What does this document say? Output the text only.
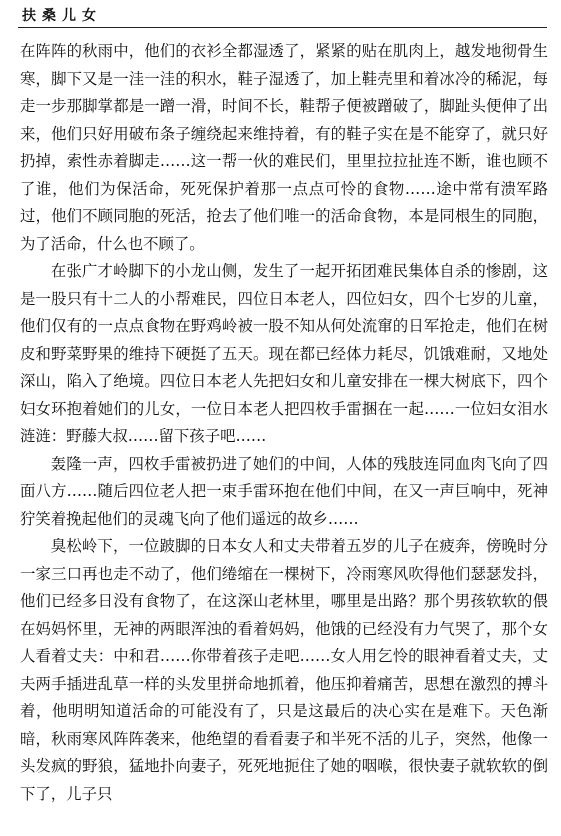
扶桑儿女

在阵阵的秋雨中，他们的衣衫全都湿透了，紧紧的贴在肌肉上，越发地彻骨生寒，脚下又是一洼一洼的积水，鞋子湿透了，加上鞋壳里和着冰冷的稀泥，每走一步那脚掌都是一蹭一滑，时间不长，鞋帮子便被蹭破了，脚趾头便伸了出来，他们只好用破布条子缠绕起来维持着，有的鞋子实在是不能穿了，就只好扔掉，索性赤着脚走……这一帮一伙的难民们，里里拉拉扯连不断，谁也顾不了谁，他们为保活命，死死保护着那一点点可怜的食物……途中常有溃军路过，他们不顾同胞的死活，抢去了他们唯一的活命食物，本是同根生的同胞，为了活命，什么也不顾了。

在张广才岭脚下的小龙山侧，发生了一起开拓团难民集体自杀的惨剧，这是一股只有十二人的小帮难民，四位日本老人，四位妇女，四个七岁的儿童，他们仅有的一点点食物在野鸡岭被一股不知从何处流窜的日军抢走，他们在树皮和野菜野果的维持下硬挺了五天。现在都已经体力耗尽，饥饿难耐，又地处深山，陷入了绝境。四位日本老人先把妇女和儿童安排在一棵大树底下，四个妇女环抱着她们的儿女，一位日本老人把四枚手雷捆在一起……一位妇女泪水涟涟：野藤大叔……留下孩子吧……

轰隆一声，四枚手雷被扔进了她们的中间，人体的残肢连同血肉飞向了四面八方……随后四位老人把一束手雷环抱在他们中间，在又一声巨响中，死神狞笑着挽起他们的灵魂飞向了他们遥远的故乡……

臭松岭下，一位跛脚的日本女人和丈夫带着五岁的儿子在疲奔，傍晚时分一家三口再也走不动了，他们绻缩在一棵树下，冷雨寒风吹得他们瑟瑟发抖，他们已经多日没有食物了，在这深山老林里，哪里是出路？那个男孩软软的偎在妈妈怀里，无神的两眼浑浊的看着妈妈，他饿的已经没有力气哭了，那个女人看着丈夫：中和君……你带着孩子走吧……女人用乞怜的眼神看着丈夫，丈夫两手插进乱草一样的头发里拼命地抓着，他压抑着痛苦，思想在激烈的搏斗着，他明明知道活命的可能没有了，只是这最后的决心实在是难下。天色渐暗，秋雨寒风阵阵袭来，他绝望的看看妻子和半死不活的儿子，突然，他像一头发疯的野狼，猛地扑向妻子，死死地扼住了她的咽喉，很快妻子就软软的倒下了，儿子只
